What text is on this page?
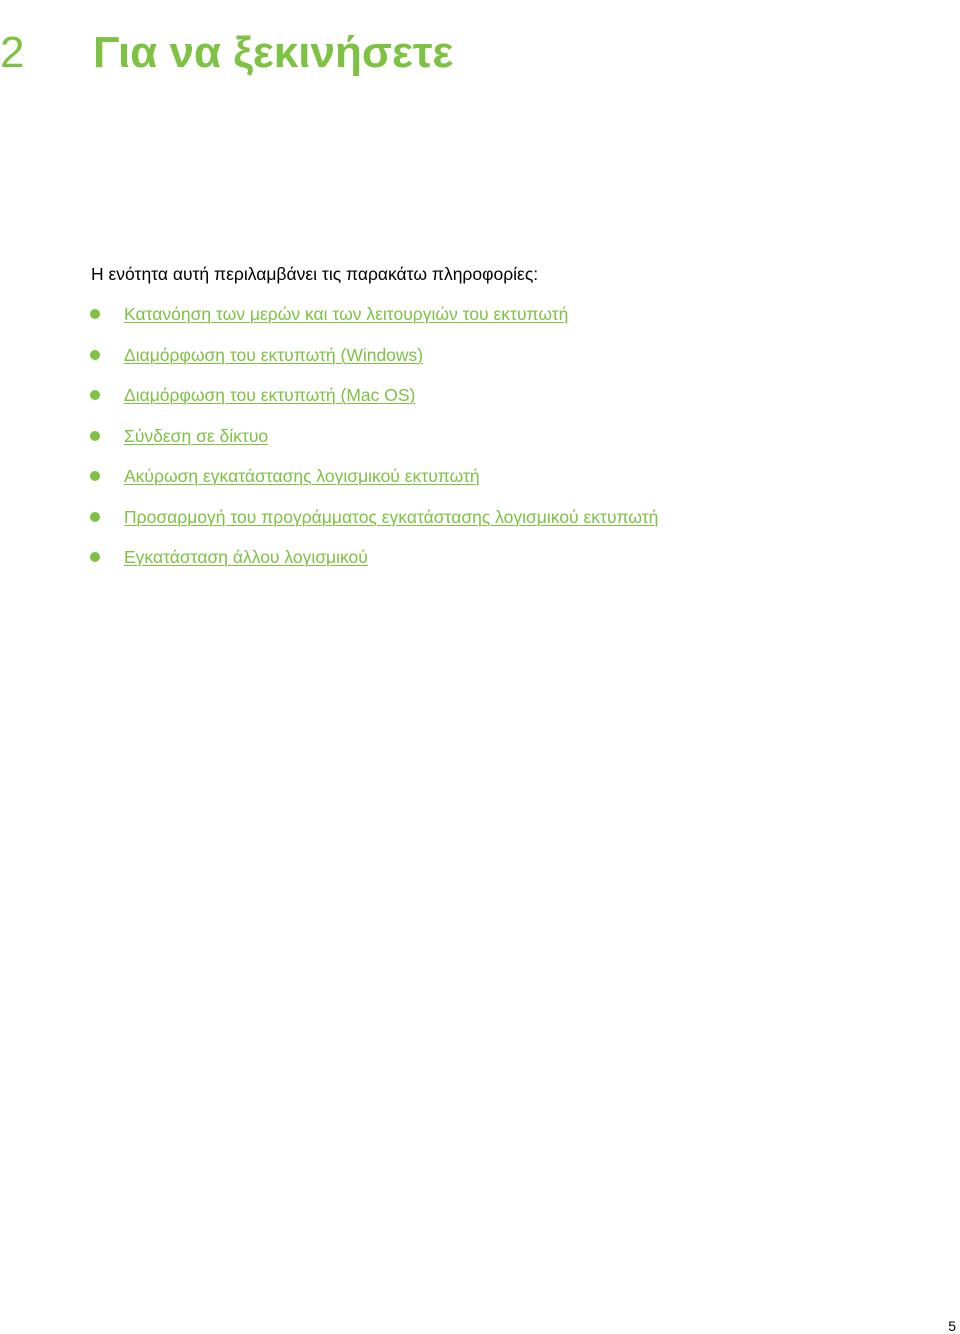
2 Για να ξεκινήσετε

Η ενότητα αυτή περιλαμβάνει τις παρακάτω πληροφορίες:

Κατανόηση των μερών και των λειτουργιών του εκτυπωτή
Διαμόρφωση του εκτυπωτή (Windows)
Διαμόρφωση του εκτυπωτή (Mac OS)
Σύνδεση σε δίκτυο
Ακύρωση εγκατάστασης λογισμικού εκτυπωτή
Προσαρμογή του προγράμματος εγκατάστασης λογισμικού εκτυπωτή
Εγκατάσταση άλλου λογισμικού
5
